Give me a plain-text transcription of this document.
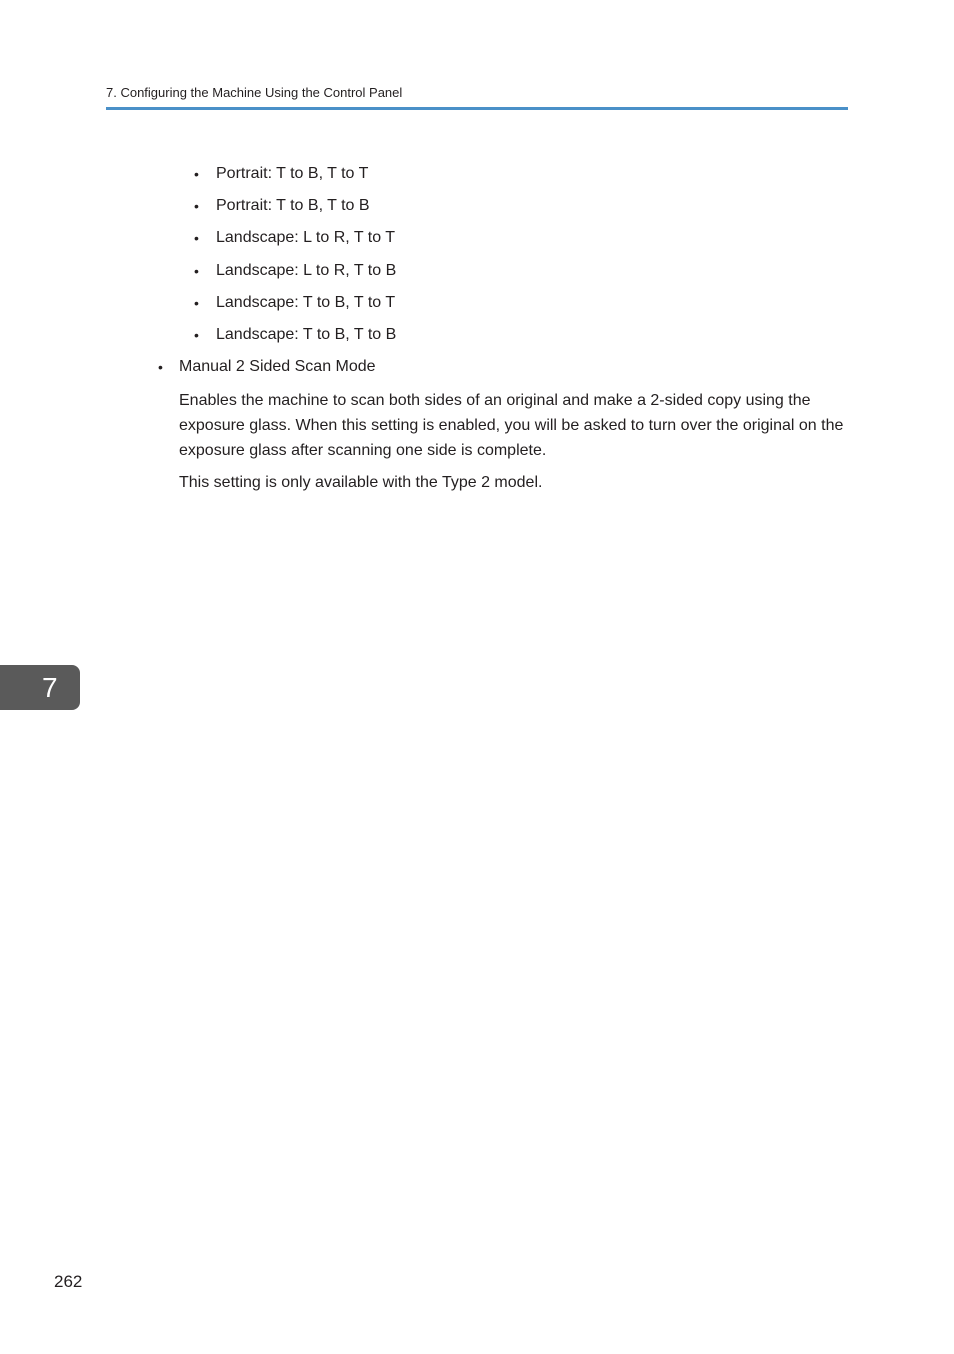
7. Configuring the Machine Using the Control Panel
•	Portrait: T to B, T to T
•	Portrait: T to B, T to B
•	Landscape: L to R, T to T
•	Landscape: L to R, T to B
•	Landscape: T to B, T to T
•	Landscape: T to B, T to B
•	Manual 2 Sided Scan Mode

Enables the machine to scan both sides of an original and make a 2-sided copy using the exposure glass. When this setting is enabled, you will be asked to turn over the original on the exposure glass after scanning one side is complete.

This setting is only available with the Type 2 model.

7
262
